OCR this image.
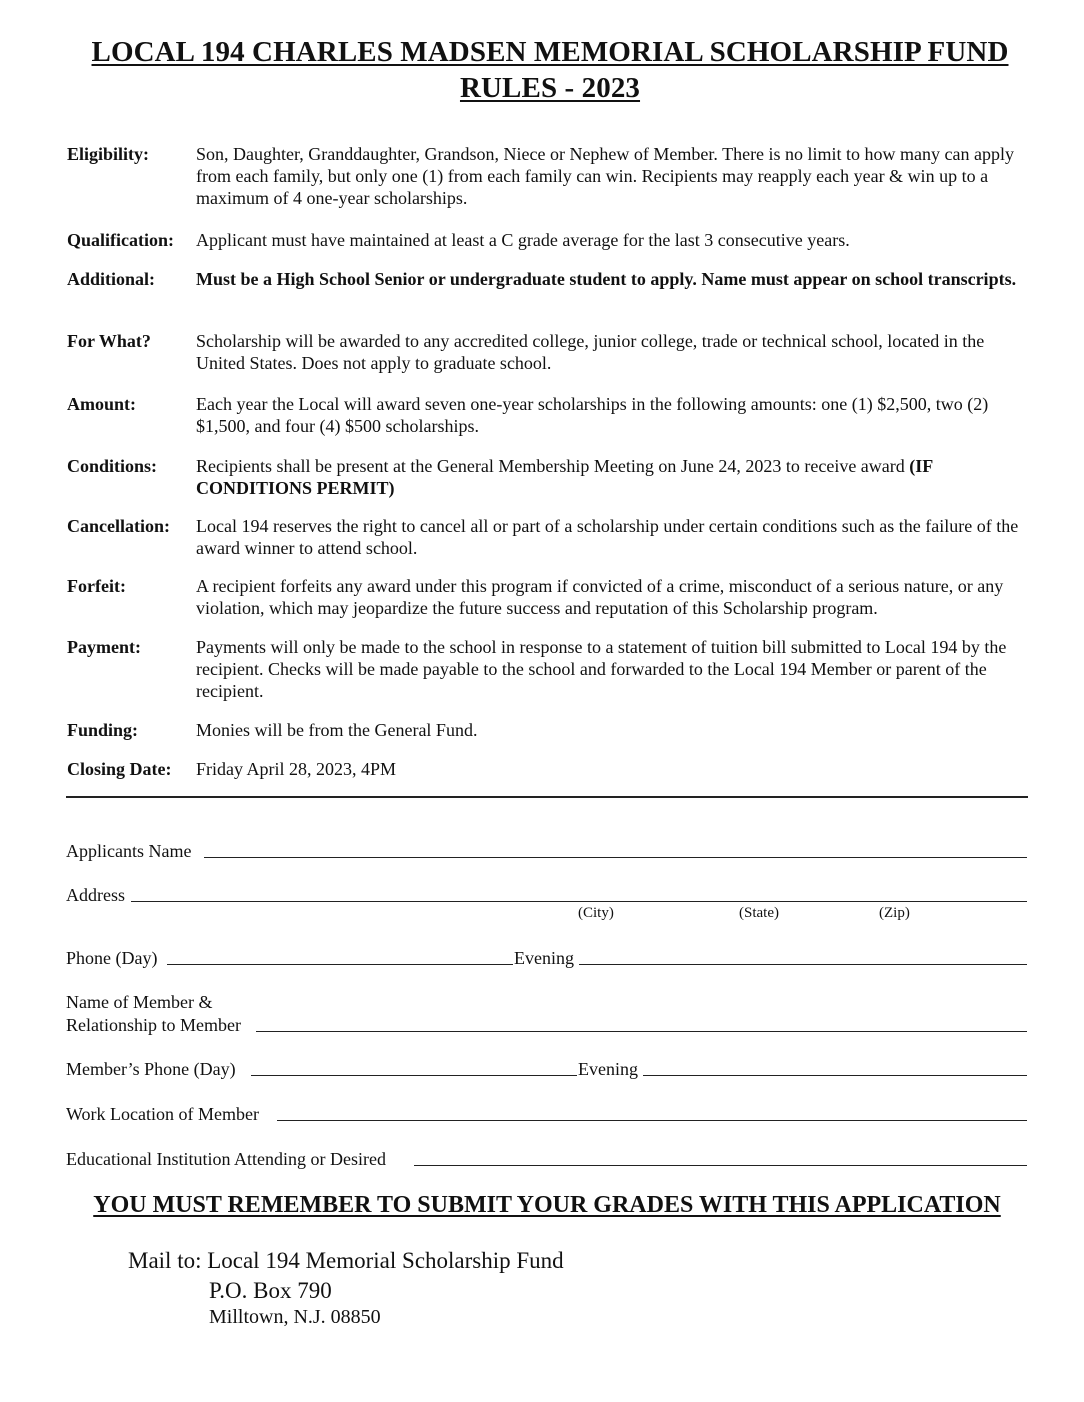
LOCAL 194 CHARLES MADSEN MEMORIAL SCHOLARSHIP FUND
RULES - 2023
Eligibility:	Son, Daughter, Granddaughter, Grandson, Niece or Nephew of Member. There is no limit to how many can apply from each family, but only one (1) from each family can win. Recipients may reapply each year & win up to a maximum of 4 one-year scholarships.
Qualification: Applicant must have maintained at least a C grade average for the last 3 consecutive years.
Additional: Must be a High School Senior or undergraduate student to apply. Name must appear on school transcripts.
For What?	Scholarship will be awarded to any accredited college, junior college, trade or technical school, located in the United States. Does not apply to graduate school.
Amount:	Each year the Local will award seven one-year scholarships in the following amounts: one (1) $2,500, two (2) $1,500, and four (4) $500 scholarships.
Conditions: Recipients shall be present at the General Membership Meeting on June 24, 2023 to receive award (IF CONDITIONS PERMIT)
Cancellation: Local 194 reserves the right to cancel all or part of a scholarship under certain conditions such as the failure of the award winner to attend school.
Forfeit:	A recipient forfeits any award under this program if convicted of a crime, misconduct of a serious nature, or any violation, which may jeopardize the future success and reputation of this Scholarship program.
Payment:	Payments will only be made to the school in response to a statement of tuition bill submitted to Local 194 by the recipient. Checks will be made payable to the school and forwarded to the Local 194 Member or parent of the recipient.
Funding:	Monies will be from the General Fund.
Closing Date: Friday April 28, 2023, 4PM
Applicants Name
Address
(City)	(State)	(Zip)
Phone (Day)	Evening
Name of Member &
Relationship to Member
Member’s Phone (Day)	Evening
Work Location of Member
Educational Institution Attending or Desired
YOU MUST REMEMBER TO SUBMIT YOUR GRADES WITH THIS APPLICATION
Mail to: Local 194 Memorial Scholarship Fund
P.O. Box 790
Milltown, N.J. 08850
